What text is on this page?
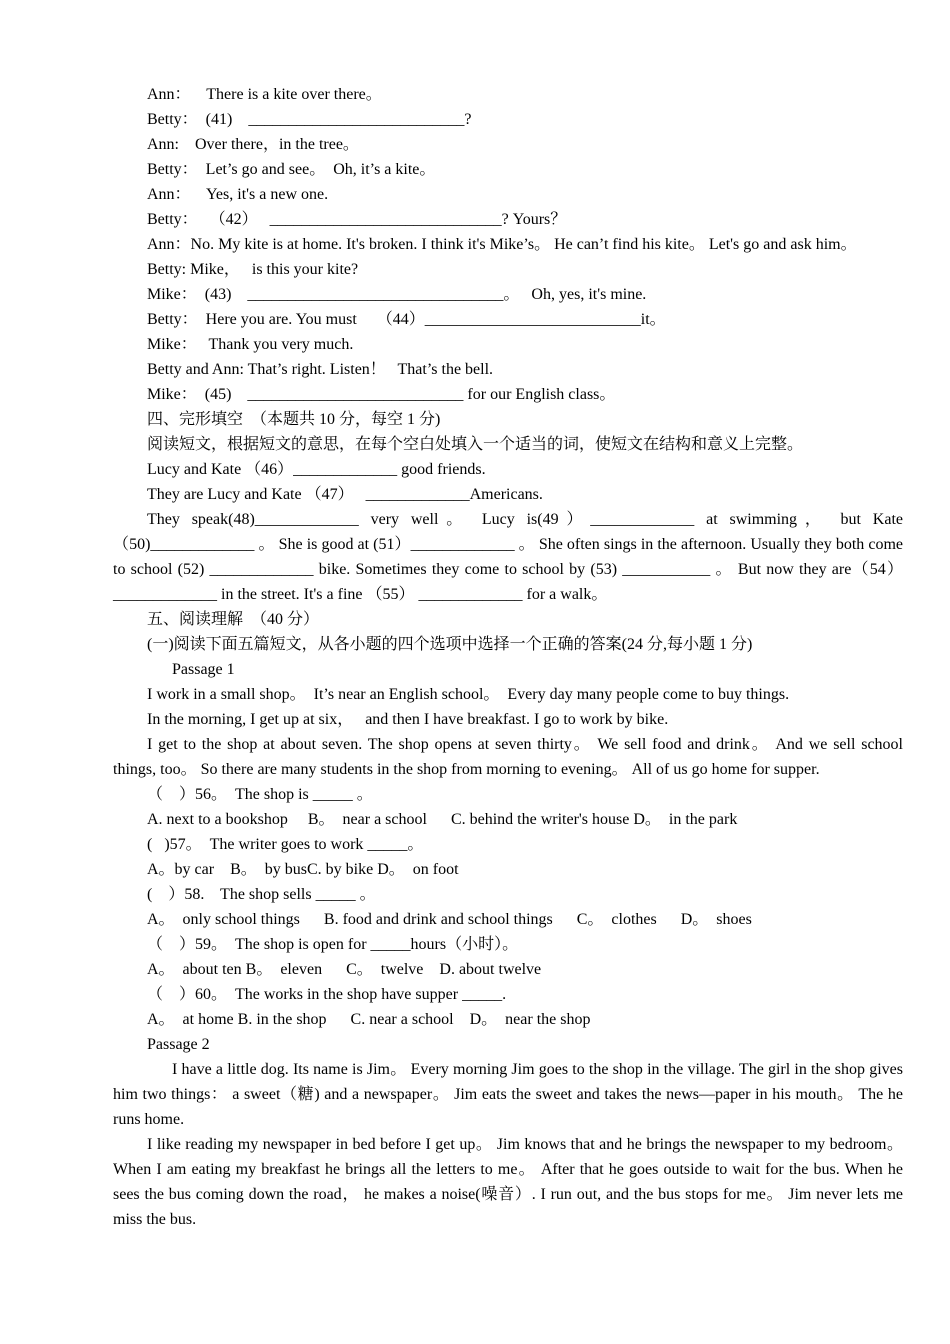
Ann：    There is a kite over there。
Betty：  (41)    ___________________________?
Ann:    Over there，in the tree。
Betty：  Let’s go and see。  Oh, it’s a kite。
Ann：    Yes, it's a new one.
Betty：   （42）   _____________________________? Yours？
Ann：No. My kite is at home. It's broken. I think it's Mike’s。 He can’t find his kite。 Let's go and ask him。
Betty: Mike，   is this your kite?
Mike：  (43)    ________________________________。   Oh, yes, it's mine.
Betty：  Here you are. You must     （44）___________________________it。
Mike：   Thank you very much.
Betty and Ann: That’s right. Listen！   That’s the bell.
Mike：  (45)    ___________________________ for our English class。
四、完形填空  （本题共 10 分，每空 1 分)
阅读短文，根据短文的意思，在每个空白处填入一个适当的词，使短文在结构和意义上完整。
Lucy and Kate （46）_____________ good friends.
They are Lucy and Kate （47）   _____________Americans.
They speak(48)_____________ very well。 Lucy is(49）_____________ at swimming， but Kate （50)_____________ 。 She is good at (51）_____________ 。 She often sings in the afternoon. Usually they both come to school (52) _____________ bike. Sometimes they come to school by (53) ___________ 。 But now they are（54） _____________ in the street. It's a fine （55） _____________ for a walk。
五、阅读理解  （40 分）
(一)阅读下面五篇短文，从各小题的四个选项中选择一个正确的答案(24 分,每小题 1 分)
Passage 1
I work in a small shop。  It’s near an English school。  Every day many people come to buy things.
In the morning, I get up at six，   and then I have breakfast. I go to work by bike.
I get to the shop at about seven. The shop opens at seven thirty。 We sell food and drink。 And we sell school things, too。 So there are many students in the shop from morning to evening。 All of us go home for supper.
（    ）56。  The shop is _____ 。
A. next to a bookshop     B。  near a school      C. behind the writer's house D。  in the park
(   )57。  The writer goes to work _____。
A。by car    B。  by busC. by bike D。  on foot
(    ）58.    The shop sells _____ 。
A。  only school things      B. food and drink and school things      C。  clothes      D。  shoes
（    ）59。  The shop is open for _____hours（小时）。
A。  about ten B。  eleven      C。  twelve    D. about twelve
（    ）60。  The works in the shop have supper _____.
A。  at home B. in the shop      C. near a school    D。  near the shop
Passage 2
I have a little dog. Its name is Jim。 Every morning Jim goes to the shop in the village. The girl in the shop gives him two things： a sweet（糖) and a newspaper。 Jim eats the sweet and takes the news—paper in his mouth。 The he runs home.
I like reading my newspaper in bed before I get up。 Jim knows that and he brings the newspaper to my bedroom。 When I am eating my breakfast he brings all the letters to me。 After that he goes outside to wait for the bus. When he sees the bus coming down the road， he makes a noise(噪音）. I run out, and the bus stops for me。 Jim never lets me miss the bus.
